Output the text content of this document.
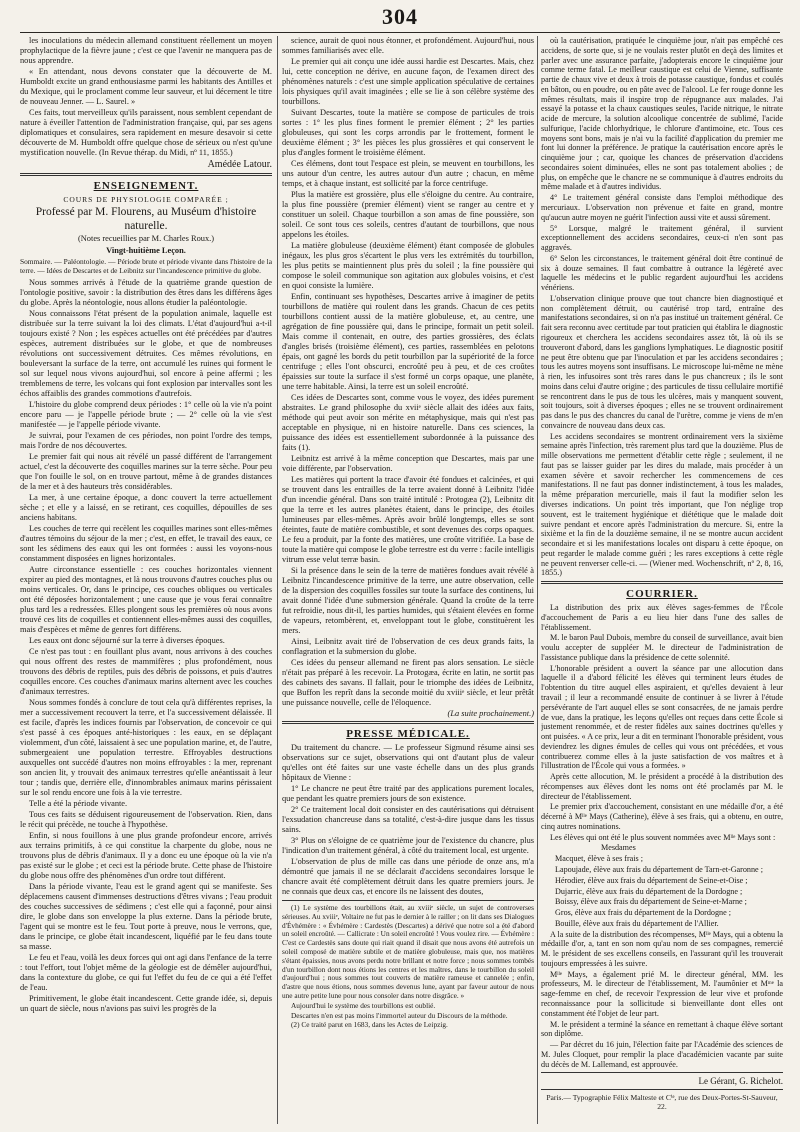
304

les inoculations du médecin allemand constituent réellement un moyen prophylactique de la fièvre jaune ; c'est ce que l'avenir ne manquera pas de nous apprendre.

« En attendant, nous devons constater que la découverte de M. Humboldt excite un grand enthousiasme parmi les habitants des Antilles et du Mexique, qui le proclament comme leur sauveur, et lui décernent le titre de nouveau Jenner. — L. Saurel. »

Ces faits, tout merveilleux qu'ils paraissent, nous semblent cependant de nature à éveiller l'attention de l'administration française, qui, par ses agens diplomatiques et consulaires, sera rapidement en mesure desavoir si cette découverte de M. Humboldt offre quelque chose de sérieux ou n'est qu'une mystification nouvelle. (In Revue thérap. du Midi, nº 11, 1855.)

Amédée Latour.
ENSEIGNEMENT.
COURS DE PHYSIOLOGIE COMPARÉE ;
Professé par M. Flourens, au Muséum d'histoire naturelle.
(Notes recueillies par M. Charles Roux.)
Vingt-huitième Leçon.
Sommaire. — Paléontologie. — Période brute et période vivante dans l'histoire de la terre. — Idées de Descartes et de Leibnitz sur l'incandescence primitive du globe.

Nous sommes arrivés à l'étude de la quatrième grande question de l'ontologie positive, savoir : la distribution des êtres dans les différens âges du globe. Après la néontologie, nous allons étudier la paléontologie.

Nous connaissons l'état présent de la population animale, laquelle est distribuée sur la terre suivant la loi des climats. L'état d'aujourd'hui a-t-il toujours existé ? Non ; les espèces actuelles ont été précédées par d'autres espèces, autrement distribuées sur le globe, et que de nombreuses révolutions ont successivement détruites. Ces mêmes révolutions, en bouleversant la surface de la terre, ont accumulé les ruines qui forment le sol sur lequel nous vivons aujourd'hui, sol encore à peine affermi ; les tremblemens de terre, les volcans qui font explosion par intervalles sont les échos affaiblis des grandes commotions d'autrefois.

L'histoire du globe comprend deux périodes : 1° celle où la vie n'a point encore paru — je l'appelle période brute ; — 2° celle où la vie s'est manifestée — je l'appelle période vivante.

Je suivrai, pour l'examen de ces périodes, non point l'ordre des temps, mais l'ordre de nos découvertes.

Le premier fait qui nous ait révélé un passé différent de l'arrangement actuel, c'est la découverte des coquilles marines sur la terre sèche. Pour peu que l'on fouille le sol, on en trouve partout, même à de grandes distances de la mer et à des hauteurs très considérables.

La mer, à une certaine époque, a donc couvert la terre actuellement sèche ; et elle y a laissé, en se retirant, ces coquilles, dépouilles de ses anciens habitans.

Les couches de terre qui recèlent les coquilles marines sont elles-mêmes d'autres témoins du séjour de la mer ; c'est, en effet, le travail des eaux, ce sont les sédimens des eaux qui les ont formées : aussi les voyons-nous constamment disposées en lignes horizontales.

Autre circonstance essentielle : ces couches horizontales viennent expirer au pied des montagnes, et là nous trouvons d'autres couches plus ou moins verticales. Or, dans le principe, ces couches obliques ou verticales ont été déposées horizontalement ; une cause que je vous ferai connaître plus tard les a redressées. Elles plongent sous les premières où nous avons trouvé ces lits de coquilles et contiennent elles-mêmes aussi des coquilles, mais d'espèces et même de genres fort différens.

Les eaux ont donc séjourné sur la terre à diverses époques.

Ce n'est pas tout : en fouillant plus avant, nous arrivons à des couches qui nous offrent des restes de mammifères ; plus profondément, nous trouvons des débris de reptiles, puis des débris de poissons, et puis d'autres coquilles encore. Ces couches d'animaux marins alternent avec les couches d'animaux terrestres.

Nous sommes fondés à conclure de tout cela qu'à différentes reprises, la mer a successivement recouvert la terre, et l'a successivement délaissée. Il est facile, d'après les indices fournis par l'observation, de concevoir ce qui s'est passé à ces époques anté-historiques : les eaux, en se déplaçant violemment, d'un côté, laissaient à sec une population marine, et, de l'autre, submergeaient une population terrestre. Effroyables destructions auxquelles ont succédé d'autres non moins effroyables : la mer, reprenant son ancien lit, y trouvait des animaux terrestres qu'elle anéantissait à leur tour ; tandis que, derrière elle, d'innombrables animaux marins périssaient sur le sol rendu encore une fois à la vie terrestre.

Telle a été la période vivante.

Tous ces faits se déduisent rigoureusement de l'observation. Rien, dans le récit qui précède, ne touche à l'hypothèse.

Enfin, si nous fouillons à une plus grande profondeur encore, arrivés aux terrains primitifs, à ce qui constitue la charpente du globe, nous ne trouvons plus de débris d'animaux. Il y a donc eu une époque où la vie n'a pas existé sur le globe ; et ceci est la période brute. Cette phase de l'histoire du globe nous offre des phénomènes d'un ordre tout différent.

Dans la période vivante, l'eau est le grand agent qui se manifeste. Ses déplacemens causent d'immenses destructions d'êtres vivans ; l'eau produit des couches successives de sédimens ; c'est elle qui a façonné, pour ainsi dire, le globe dans son enveloppe la plus externe. Dans la période brute, l'agent qui se montre est le feu. Tout porte à preuve, nous le verrons, que, dans le principe, ce globe était incandescent, liquéfié par le feu dans toute sa masse.

Le feu et l'eau, voilà les deux forces qui ont agi dans l'enfance de la terre : tout l'effort, tout l'objet même de la géologie est de démêler aujourd'hui, dans la contexture du globe, ce qui fut l'effet du feu de ce qui a été l'effet de l'eau.

Primitivement, le globe était incandescent. Cette grande idée, si, depuis un quart de siècle, nous n'avions pas suivi les progrès de la

science, aurait de quoi nous étonner, et profondément. Aujourd'hui, nous sommes familiarisés avec elle.

Le premier qui ait conçu une idée aussi hardie est Descartes. Mais, chez lui, cette conception ne dérive, en aucune façon, de l'examen direct des phénomènes naturels : c'est une simple application spéculative de certaines lois physiques qu'il avait imaginées ; elle se lie à son célèbre système des tourbillons.

Suivant Descartes, toute la matière se compose de particules de trois sortes : 1° les plus fines forment le premier élément ; 2° les parties globuleuses, qui sont les corps arrondis par le frottement, forment le deuxième élément ; 3° les pièces les plus grossières et qui conservent le plus d'angles forment le troisième élément.

Ces élémens, dont tout l'espace est plein, se meuvent en tourbillons, les uns autour d'un centre, les autres autour d'un autre ; chacun, en même temps, et à chaque instant, est sollicité par la force centrifuge.

Plus la matière est grossière, plus elle s'éloigne du centre. Au contraire, la plus fine poussière (premier élément) vient se ranger au centre et y constituer un soleil. Chaque tourbillon a son amas de fine poussière, son soleil. Ce sont tous ces soleils, centres d'autant de tourbillons, que nous appelons les étoiles.

La matière globuleuse (deuxième élément) étant composée de globules inégaux, les plus gros s'écartent le plus vers les extrémités du tourbillon, les plus petits se maintiennent plus près du soleil ; la fine poussière qui compose le soleil communique son agitation aux globules voisins, et c'est en quoi consiste la lumière.

Enfin, continuant ses hypothèses, Descartes arrive à imaginer de petits tourbillons de matière qui roulent dans les grands. Chacun de ces petits tourbillons contient aussi de la matière globuleuse, et, au centre, une agrégation de fine poussière qui, dans le principe, formait un petit soleil. Mais comme il contenait, en outre, des parties grossières, des éclats d'angles brisés (troisième élément), ces parties, rassemblées en pelotons épais, ont gagné les bords du petit tourbillon par la supériorité de la force centrifuge ; elles l'ont obscurci, encroûté peu à peu, et de ces croûtes épaissies sur toute la surface il s'est formé un corps opaque, une planète, une terre habitable. Ainsi, la terre est un soleil encroûté.

Ces idées de Descartes sont, comme vous le voyez, des idées purement abstraites. Le grand philosophe du xviiᵉ siècle allait des idées aux faits, méthode qui peut avoir son mérite en métaphysique, mais qui n'est pas acceptable en physique, ni en histoire naturelle. Dans ces sciences, la puissance des idées est essentiellement subordonnée à la puissance des faits (1).

Leibnitz est arrivé à la même conception que Descartes, mais par une voie différente, par l'observation.

Les matières qui portent la trace d'avoir été fondues et calcinées, et qui se trouvent dans les entrailles de la terre avaient donné à Leibnitz l'idée d'un incendie général. Dans son traité intitulé : Protogæa (2), Leibnitz dit que la terre et les autres planètes étaient, dans le principe, des étoiles lumineuses par elles-mêmes. Après avoir brûlé longtemps, elles se sont éteintes, faute de matière combustible, et sont devenues des corps opaques. Le feu a produit, par la fonte des matières, une croûte vitrifiée. La base de toute la matière qui compose le globe terrestre est du verre : facile intelligis vitrum esse velut terræ basin.

Si la présence dans le sein de la terre de matières fondues avait révélé à Leibnitz l'incandescence primitive de la terre, une autre observation, celle de la dispersion des coquilles fossiles sur toute la surface des continens, lui avait donné l'idée d'une submersion générale. Quand la croûte de la terre fut refroidie, nous dit-il, les parties humides, qui s'étaient élevées en forme de vapeurs, retombèrent, et, enveloppant tout le globe, constituèrent les mers.

Ainsi, Leibnitz avait tiré de l'observation de ces deux grands faits, la conflagration et la submersion du globe.

Ces idées du penseur allemand ne firent pas alors sensation. Le siècle n'était pas préparé à les recevoir. La Protogæa, écrite en latin, ne sortit pas des cabinets des savans. Il fallait, pour le triomphe des idées de Leibnitz, que Buffon les reprît dans la seconde moitié du xviiiᵉ siècle, et leur prêtât une puissance nouvelle, celle de l'éloquence.

(La suite prochainement.)
PRESSE MÉDICALE.

Du traitement du chancre. — Le professeur Sigmund résume ainsi ses observations sur ce sujet, observations qui ont d'autant plus de valeur qu'elles ont été faites sur une vaste échelle dans un des plus grands hôpitaux de Vienne :

1° Le chancre ne peut être traité par des applications purement locales, que pendant les quatre premiers jours de son existence.

2° Ce traitement local doit consister en des cautérisations qui détruisent l'exsudation chancreuse dans sa totalité, c'est-à-dire jusque dans les tissus sains.

3° Plus on s'éloigne de ce quatrième jour de l'existence du chancre, plus l'indication d'un traitement général, à côté du traitement local, est urgente.

L'observation de plus de mille cas dans une période de onze ans, m'a démontré que jamais il ne se déclarait d'accidens secondaires lorsque le chancre avait été complètement détruit dans les quatre premiers jours. Je ne connais que deux cas, et encore ils ne laissent des doutes,

(1) Le système des tourbillons était, au xviiiᵉ siècle, un sujet de controverses sérieuses. Au xviiiᵉ, Voltaire ne fut pas le dernier à le railler ; on lit dans ses Dialogues d'Évhémère : « Évhémère : Cardestès (Descartes) a dérivé que notre sol a été d'abord un soleil encroûté. — Callicrate : Un soleil encroûté ! Vous voulez rire. — Évhémère : C'est ce Cardestès sans doute qui riait quand il disait que nous avons été autrefois un soleil composé de matière subtile et de matière globuleuse, mais que, nos matières s'étant épaissies, nous avons perdu notre brillant et notre force ; nous sommes tombés d'un tourbillon dont nous étions les centres et les maîtres, dans le tourbillon du soleil d'aujourd'hui ; nous sommes tout couverts de matière rameuse et cannelée ; enfin, d'astre que nous étions, nous sommes devenus lune, ayant par faveur autour de nous une autre petite lune pour nous consoler dans notre disgrâce. »

Aujourd'hui le système des tourbillons est oublié.

Descartes n'en est pas moins l'immortel auteur du Discours de la méthode.

(2) Ce traité parut en 1683, dans les Actes de Leipzig.

où la cautérisation, pratiquée le cinquième jour, n'ait pas empêché ces accidens, de sorte que, si je ne voulais rester plutôt en deçà des limites et parler avec une assurance parfaite, j'adopterais encore le cinquième jour comme terme fatal. Le meilleur caustique est celui de Vienne, suffisante partie de chaux vive et deux à trois de potasse caustique, fondus et coulés en bâton, ou en poudre, ou en pâte avec de l'alcool. Le fer rouge donne les mêmes résultats, mais il inspire trop de répugnance aux malades. J'ai essayé la potasse et la chaux caustiques seules, l'acide nitrique, le nitrate acide de mercure, la solution alcoolique concentrée de sublimé, l'acide sulfurique, l'acide chlorhydrique, le chlorure d'antimoine, etc. Tous ces moyens sont bons, mais je n'ai vu la facilité d'application du premier me font lui donner la préférence. Je pratique la cautérisation encore après le cinquième jour ; car, quoique les chances de préservation d'accidens secondaires soient diminuées, elles ne sont pas totalement abolies ; de plus, on empêche que le chancre ne se communique à d'autres endroits du même malade et à d'autres individus.

4° Le traitement général consiste dans l'emploi méthodique des mercuriaux. L'observation non prévenue et faite en grand, montre qu'aucun autre moyen ne guérit l'infection aussi vite et aussi sûrement.

5° Lorsque, malgré le traitement général, il survient exceptionnellement des accidens secondaires, ceux-ci n'en sont pas aggravés.

6° Selon les circonstances, le traitement général doit être continué de six à douze semaines. Il faut combattre à outrance la légèreté avec laquelle les médecins et le public regardent aujourd'hui les accidens vénériens.

L'observation clinique prouve que tout chancre bien diagnostiqué et non complètement détruit, ou cautérisé trop tard, entraîne des manifestations secondaires, si on n'a pas institué un traitement général. Ce fait sera reconnu avec certitude par tout praticien qui établira le diagnostic rigoureux et cherchera les accidens secondaires assez tôt, là où ils se trouveront d'abord, dans les ganglions lymphatiques. Le diagnostic positif ne peut être obtenu que par l'inoculation et par les accidens secondaires ; tous les autres moyens sont insuffisans. Le microscope lui-même ne mène à rien, les infusoires sont très rares dans le pus chancreux ; ils le sont moins dans celui d'autre origine ; des particules de tissu cellulaire mortifié se rencontrent dans le pus de tous les ulcères, mais y manquent souvent, soit toujours, soit à diverses époques ; elles ne se trouvent ordinairement pas dans le pus des chancres du canal de l'urètre, comme je viens de m'en convaincre de nouveau dans deux cas.

Les accidens secondaires se montrent ordinairement vers la sixième semaine après l'infection, très rarement plus tard que la douzième. Plus de mille observations me permettent d'établir cette règle ; seulement, il ne faut pas se laisser guider par les dires du malade, mais procéder à un examen sévère et savoir rechercher les commencemens de ces manifestations. Il ne faut pas donner indistinctement, à tous les malades, la même préparation mercurielle, mais il faut la modifier selon les diverses indications. Un point très important, que l'on néglige trop souvent, est le traitement hygiénique et diététique que le malade doit suivre pendant et encore après l'administration du mercure. Si, entre la sixième et la fin de la douzième semaine, il ne se montre aucun accident secondaire et si les manifestations locales ont disparu à cette époque, on peut regarder le malade comme guéri ; les rares exceptions à cette règle ne peuvent renverser celle-ci. — (Wiener med. Wochenschrift, nº 2, 8, 16, 1855.)

COURRIER.

La distribution des prix aux élèves sages-femmes de l'École d'accouchement de Paris a eu lieu hier dans l'une des salles de l'établissement.

M. le baron Paul Dubois, membre du conseil de surveillance, avait bien voulu accepter de suppléer M. le directeur de l'administration de l'assistance publique dans la présidence de cette solennité.

L'honorable président a ouvert la séance par une allocution dans laquelle il a d'abord félicité les élèves qui terminent leurs études de l'obtention du titre auquel elles aspiraient, et qu'elles devaient à leur travail ; il leur a recommandé ensuite de continuer à se livrer à l'étude persévérante de l'art auquel elles se sont consacrées, de ne jamais perdre de vue, dans la pratique, les leçons qu'elles ont reçues dans cette École si justement renommée, et de rester fidèles aux saines doctrines qu'elles y ont puisées. « A ce prix, leur a dit en terminant l'honorable président, vous deviendrez les dignes émules de celles qui vous ont précédées, et vous contribuerez comme elles à la juste satisfaction de vos maîtres et à l'illustration de l'École qui vous a formées. »

Après cette allocution, M. le président a procédé à la distribution des récompenses aux élèves dont les noms ont été proclamés par M. le directeur de l'établissement.

Le premier prix d'accouchement, consistant en une médaille d'or, a été décerné à Mˡˡᵉ Mays (Catherine), élève à ses frais, qui a obtenu, en outre, cinq autres nominations.

Les élèves qui ont été le plus souvent nommées avec Mˡˡᵉ Mays sont :

Mesdames

Macquet, élève à ses frais ;

Lapoujade, élève aux frais du département de Tarn-et-Garonne ;

Hérodier, élève aux frais du département de Seine-et-Oise ;

Dujarric, élève aux frais du département de la Dordogne ;

Boissy, élève aux frais du département de Seine-et-Marne ;

Gros, élève aux frais du département de la Dordogne ;

Bouille, élève aux frais du département de l'Allier.

A la suite de la distribution des récompenses, Mˡˡᵉ Mays, qui a obtenu la médaille d'or, a, tant en son nom qu'au nom de ses compagnes, remercié M. le président de ses excellens conseils, en l'assurant qu'il les trouverait toujours empressées à les suivre.

Mˡˡᵉ Mays, a également prié M. le directeur général, MM. les professeurs, M. le directeur de l'établissement, M. l'aumônier et Mᵐᵉ la sage-femme en chef, de recevoir l'expression de leur vive et profonde reconnaissance pour la sollicitude si bienveillante dont elles ont constamment été l'objet de leur part.

M. le président a terminé la séance en remettant à chaque élève sortant son diplôme.

— Par décret du 16 juin, l'élection faite par l'Académie des sciences de M. Jules Cloquet, pour remplir la place d'académicien vacante par suite du décès de M. Lallemand, est approuvée.

Le Gérant, G. Richelot.
Paris.— Typographie Félix Malteste et Cⁱᵉ, rue des Deux-Portes-St-Sauveur, 22.
